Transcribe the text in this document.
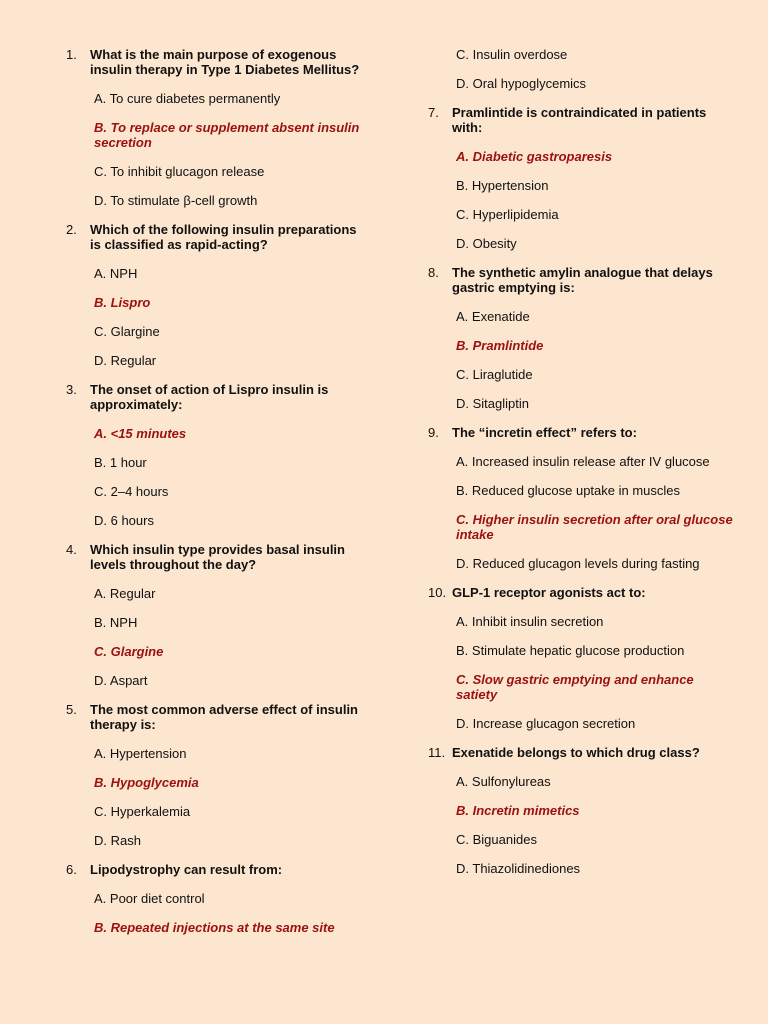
1. What is the main purpose of exogenous insulin therapy in Type 1 Diabetes Mellitus?
A. To cure diabetes permanently
B. To replace or supplement absent insulin secretion
C. To inhibit glucagon release
D. To stimulate β-cell growth
2. Which of the following insulin preparations is classified as rapid-acting?
A. NPH
B. Lispro
C. Glargine
D. Regular
3. The onset of action of Lispro insulin is approximately:
A. <15 minutes
B. 1 hour
C. 2–4 hours
D. 6 hours
4. Which insulin type provides basal insulin levels throughout the day?
A. Regular
B. NPH
C. Glargine
D. Aspart
5. The most common adverse effect of insulin therapy is:
A. Hypertension
B. Hypoglycemia
C. Hyperkalemia
D. Rash
6. Lipodystrophy can result from:
A. Poor diet control
B. Repeated injections at the same site
C. Insulin overdose
D. Oral hypoglycemics
7. Pramlintide is contraindicated in patients with:
A. Diabetic gastroparesis
B. Hypertension
C. Hyperlipidemia
D. Obesity
8. The synthetic amylin analogue that delays gastric emptying is:
A. Exenatide
B. Pramlintide
C. Liraglutide
D. Sitagliptin
9. The “incretin effect” refers to:
A. Increased insulin release after IV glucose
B. Reduced glucose uptake in muscles
C. Higher insulin secretion after oral glucose intake
D. Reduced glucagon levels during fasting
10. GLP-1 receptor agonists act to:
A. Inhibit insulin secretion
B. Stimulate hepatic glucose production
C. Slow gastric emptying and enhance satiety
D. Increase glucagon secretion
11. Exenatide belongs to which drug class?
A. Sulfonylureas
B. Incretin mimetics
C. Biguanides
D. Thiazolidinediones
